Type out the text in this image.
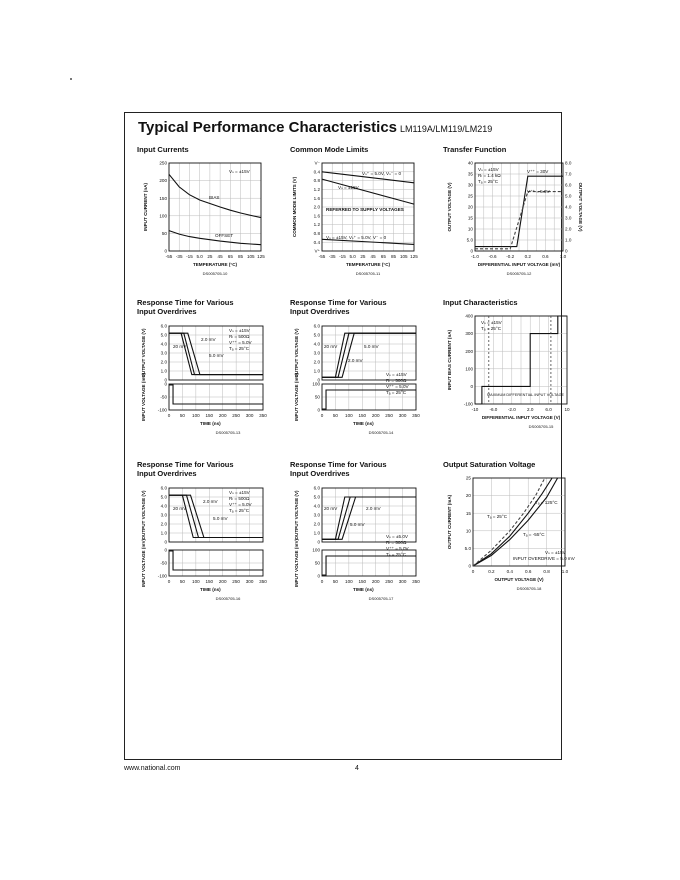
Typical Performance Characteristics LM119A/LM119/LM219
Input Currents
-55 -35 -15 5.0 25 45 65 85 105 125
0
50
100
150
200
250
TEMPERATURE (°C)
INPUT CURRENT (nA)
Vₛ = ±15V
BIAS
OFFSET
DS005705-10
Common Mode Limits
-55 -35 -15 5.0 25 45 65 85 105 125
V⁺
0.4
0.8
1.2
1.6
2.0
1.6
1.2
0.8
0.4
V⁻
TEMPERATURE (°C)
COMMON MODE LIMITS (V)
Vₛ⁺ = 5.0V, Vₛ⁻ = 0
Vₛ = ±15V
REFERRED TO SUPPLY VOLTAGES
Vₛ = ±15V, Vₛ⁺ = 5.0V, V⁻ = 0
DS005705-11
Transfer Function
-1.0 -0.6 -0.2 0.2 0.6 1.0
0
5.0
10
15
20
25
30
35
40
0
1.0
2.0
3.0
4.0
5.0
6.0
7.0
8.0
DIFFERENTIAL INPUT VOLTAGE (mV)
OUTPUT VOLTAGE (V)	OUTPUT VOLTAGE (V)
Vₛ = ±15V
Rₗ = 1.4 kΩ
Tₐ = 25°C
V⁺⁺ = 30V
V⁺⁺ = 5.0V
DS005705-12
Response Time for Various
Input Overdrives
0
1.0
2.0
3.0
4.0
5.0
6.0
-100
-50
0
0 50 100 150 200 250 300 350
TIME (ns)
OUTPUT VOLTAGE (V)
INPUT VOLTAGE (mV)
DS005705-13
Vₛ = ±15V
Rₗ = 500Ω
V⁺⁺ = 5.0V
Tₐ = 25°C
20 mV
2.0 mV
5.0 mV
Response Time for Various
Input Overdrives
0
1.0
2.0
3.0
4.0
5.0
6.0
0
50
100
0 50 100 150 200 250 300 350
TIME (ns)
OUTPUT VOLTAGE (V)
INPUT VOLTAGE (mV)
DS005705-14
20 mV	5.0 mV
2.0 mV
Vₛ = ±15V
Rₗ = 500Ω
V⁺⁺ = 5.0V
Tₐ = 25°C
Input Characteristics
-10 -6.0 -2.0 2.0	6.0	10
-100
0
100
200
300
400
DIFFERENTIAL INPUT VOLTAGE (V)
INPUT BIAS CURRENT (nA)
Vₛ = ±15V
Tₐ = 25°C
MAXIMUM DIFFERENTIAL INPUT VOLTAGE
DS005705-15
Response Time for Various
Input Overdrives
0
1.0
2.0
3.0
4.0
5.0
6.0
-100
-50
0
0 50 100 150 200 250 300 350
TIME (ns)
OUTPUT VOLTAGE (V)
INPUT VOLTAGE (mV)
DS005705-16
Vₛ = ±15V
Rₗ = 500Ω
V⁺⁺ = 5.0V
Tₐ = 25°C
20 mV
2.0 mV
5.0 mV
Response Time for Various
Input Overdrives
0
1.0
2.0
3.0
4.0
5.0
6.0
0
50
100
0 50 100 150 200 250 300 350
TIME (ns)
OUTPUT VOLTAGE (V)
INPUT VOLTAGE (mV)
DS005705-17
20 mV	2.0 mV
5.0 mV
Vₛ = ±5.0V
Rₗ = 500Ω
V⁺⁺ = 5.0V
Tₐ = 25°C
Output Saturation Voltage
0	0.2	0.4	0.6	0.8	1.0
0
5.0
10
15
20
25
OUTPUT VOLTAGE (V)
OUTPUT CURRENT (mA)	Tₐ = 125°C
Tₐ = 25°C
Tₐ = -55°C
Vₛ = ±15V
INPUT OVERDRIVE = 5.0 mV
DS005705-18
www.national.com	4
